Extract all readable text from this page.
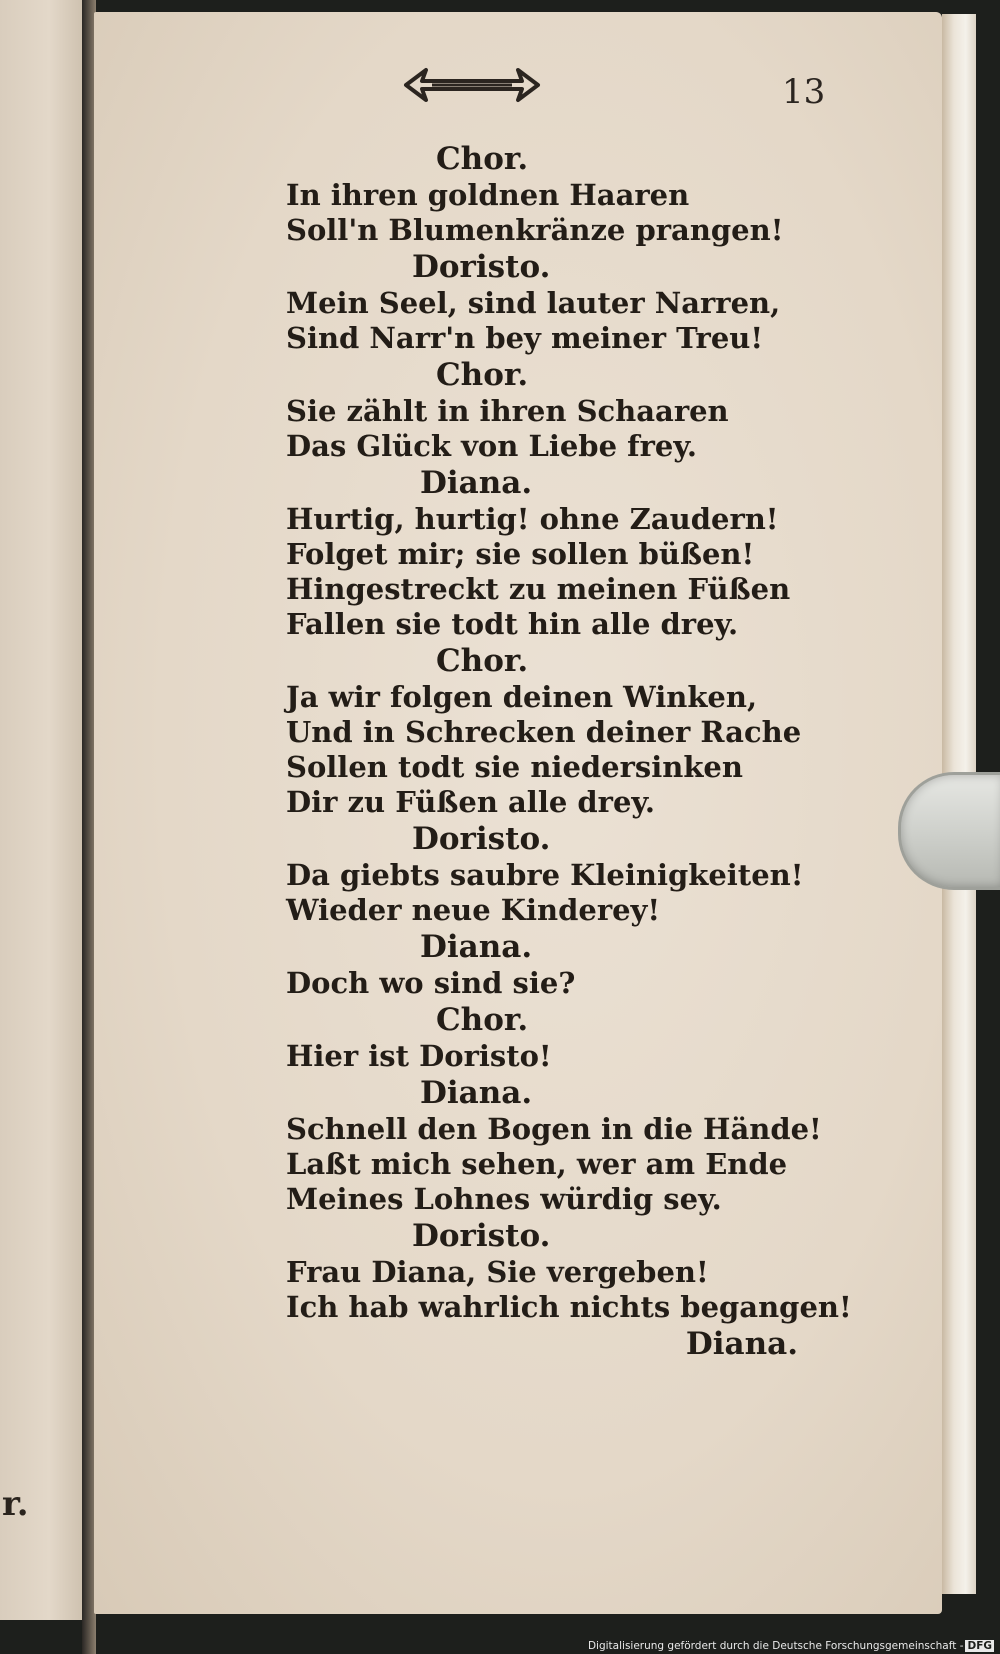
r.
13
Chor.
In ihren goldnen Haaren
Soll'n Blumenkränze prangen!
Doristo.
Mein Seel, sind lauter Narren,
Sind Narr'n bey meiner Treu!
Chor.
Sie zählt in ihren Schaaren
Das Glück von Liebe frey.
Diana.
Hurtig, hurtig! ohne Zaudern!
Folget mir; sie sollen büßen!
Hingestreckt zu meinen Füßen
Fallen sie todt hin alle drey.
Chor.
Ja wir folgen deinen Winken,
Und in Schrecken deiner Rache
Sollen todt sie niedersinken
Dir zu Füßen alle drey.
Doristo.
Da giebts saubre Kleinigkeiten!
Wieder neue Kinderey!
Diana.
Doch wo sind sie?
Chor.
Hier ist Doristo!
Diana.
Schnell den Bogen in die Hände!
Laßt mich sehen, wer am Ende
Meines Lohnes würdig sey.
Doristo.
Frau Diana, Sie vergeben!
Ich hab wahrlich nichts begangen!
Diana.
Digitalisierung gefördert durch die Deutsche Forschungsgemeinschaft - DFG
